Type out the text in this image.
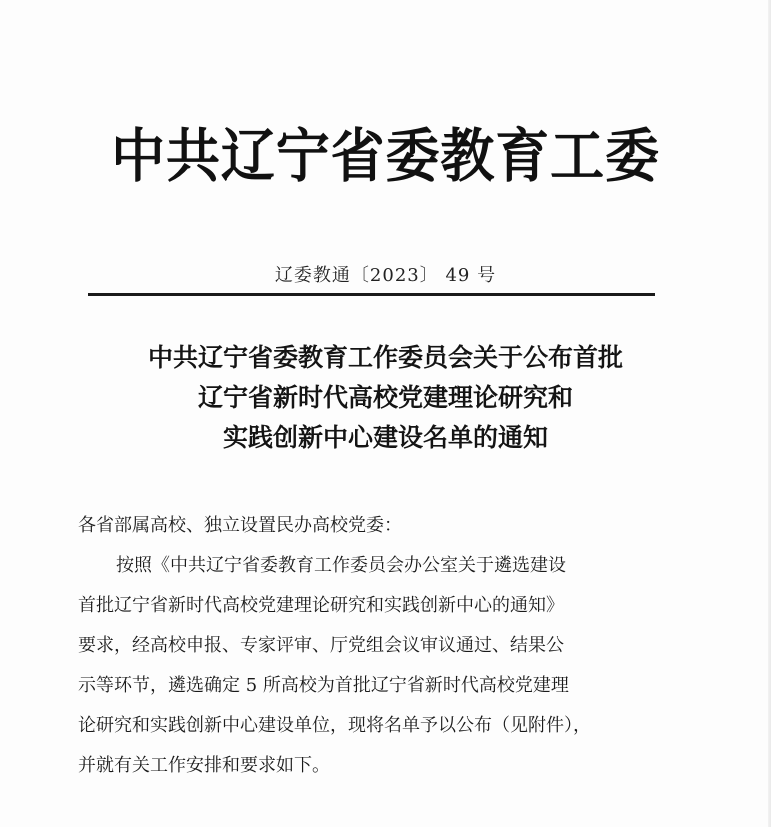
中共辽宁省委教育工委
辽委教通〔2023〕 49 号
中共辽宁省委教育工作委员会关于公布首批
辽宁省新时代高校党建理论研究和
实践创新中心建设名单的通知
各省部属高校、独立设置民办高校党委：
按照《中共辽宁省委教育工作委员会办公室关于遴选建设
首批辽宁省新时代高校党建理论研究和实践创新中心的通知》
要求，经高校申报、专家评审、厅党组会议审议通过、结果公
示等环节，遴选确定 5 所高校为首批辽宁省新时代高校党建理
论研究和实践创新中心建设单位，现将名单予以公布（见附件），
并就有关工作安排和要求如下。
